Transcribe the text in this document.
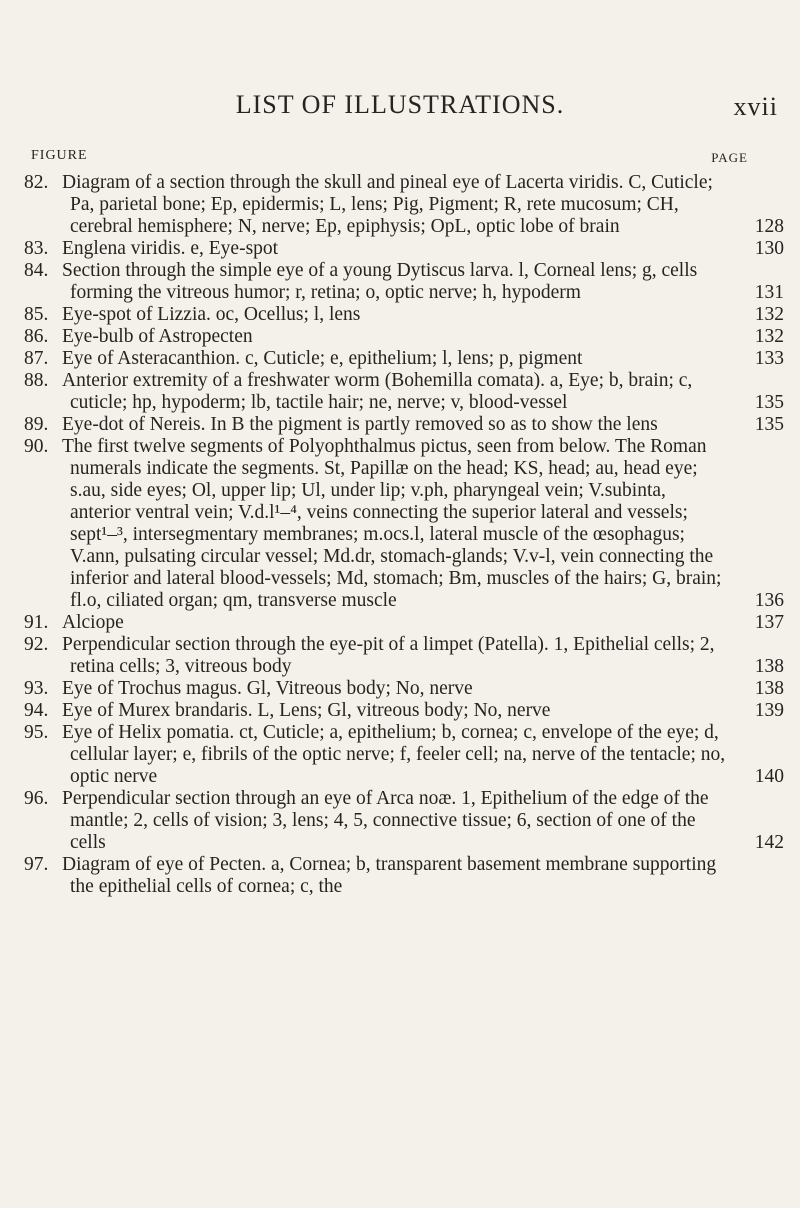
LIST OF ILLUSTRATIONS.	xvii
FIGURE	PAGE
82. Diagram of a section through the skull and pineal eye of Lacerta viridis. C, Cuticle; Pa, parietal bone; Ep, epidermis; L, lens; Pig, Pigment; R, rete mucosum; CH, cerebral hemisphere; N, nerve; Ep, epiphysis; OpL, optic lobe of brain	128
83. Englena viridis. e, Eye-spot	130
84. Section through the simple eye of a young Dytiscus larva. l, Corneal lens; g, cells forming the vitreous humor; r, retina; o, optic nerve; h, hypoderm	131
85. Eye-spot of Lizzia. oc, Ocellus; l, lens	132
86. Eye-bulb of Astropecten	132
87. Eye of Asteracanthion. c, Cuticle; e, epithelium; l, lens; p, pigment	133
88. Anterior extremity of a freshwater worm (Bohemilla comata). a, Eye; b, brain; c, cuticle; hp, hypoderm; lb, tactile hair; ne, nerve; v, blood-vessel	135
89. Eye-dot of Nereis. In B the pigment is partly removed so as to show the lens	135
90. The first twelve segments of Polyophthalmus pictus, seen from below. The Roman numerals indicate the segments. St, Papillæ on the head; KS, head; au, head eye; s.au, side eyes; Ol, upper lip; Ul, under lip; v.ph, pharyngeal vein; V.subinta, anterior ventral vein; V.d.l¹–⁴, veins connecting the superior lateral and vessels; sept¹–³, intersegmentary membranes; m.ocs.l, lateral muscle of the œsophagus; V.ann, pulsating circular vessel; Md.dr, stomach-glands; V.v-l, vein connecting the inferior and lateral blood-vessels; Md, stomach; Bm, muscles of the hairs; G, brain; fl.o, ciliated organ; qm, transverse muscle	136
91. Alciope	137
92. Perpendicular section through the eye-pit of a limpet (Patella). 1, Epithelial cells; 2, retina cells; 3, vitreous body	138
93. Eye of Trochus magus. Gl, Vitreous body; No, nerve	138
94. Eye of Murex brandaris. L, Lens; Gl, vitreous body; No, nerve	139
95. Eye of Helix pomatia. ct, Cuticle; a, epithelium; b, cornea; c, envelope of the eye; d, cellular layer; e, fibrils of the optic nerve; f, feeler cell; na, nerve of the tentacle; no, optic nerve	140
96. Perpendicular section through an eye of Arca noæ. 1, Epithelium of the edge of the mantle; 2, cells of vision; 3, lens; 4, 5, connective tissue; 6, section of one of the cells	142
97. Diagram of eye of Pecten. a, Cornea; b, transparent basement membrane supporting the epithelial cells of cornea; c, the
